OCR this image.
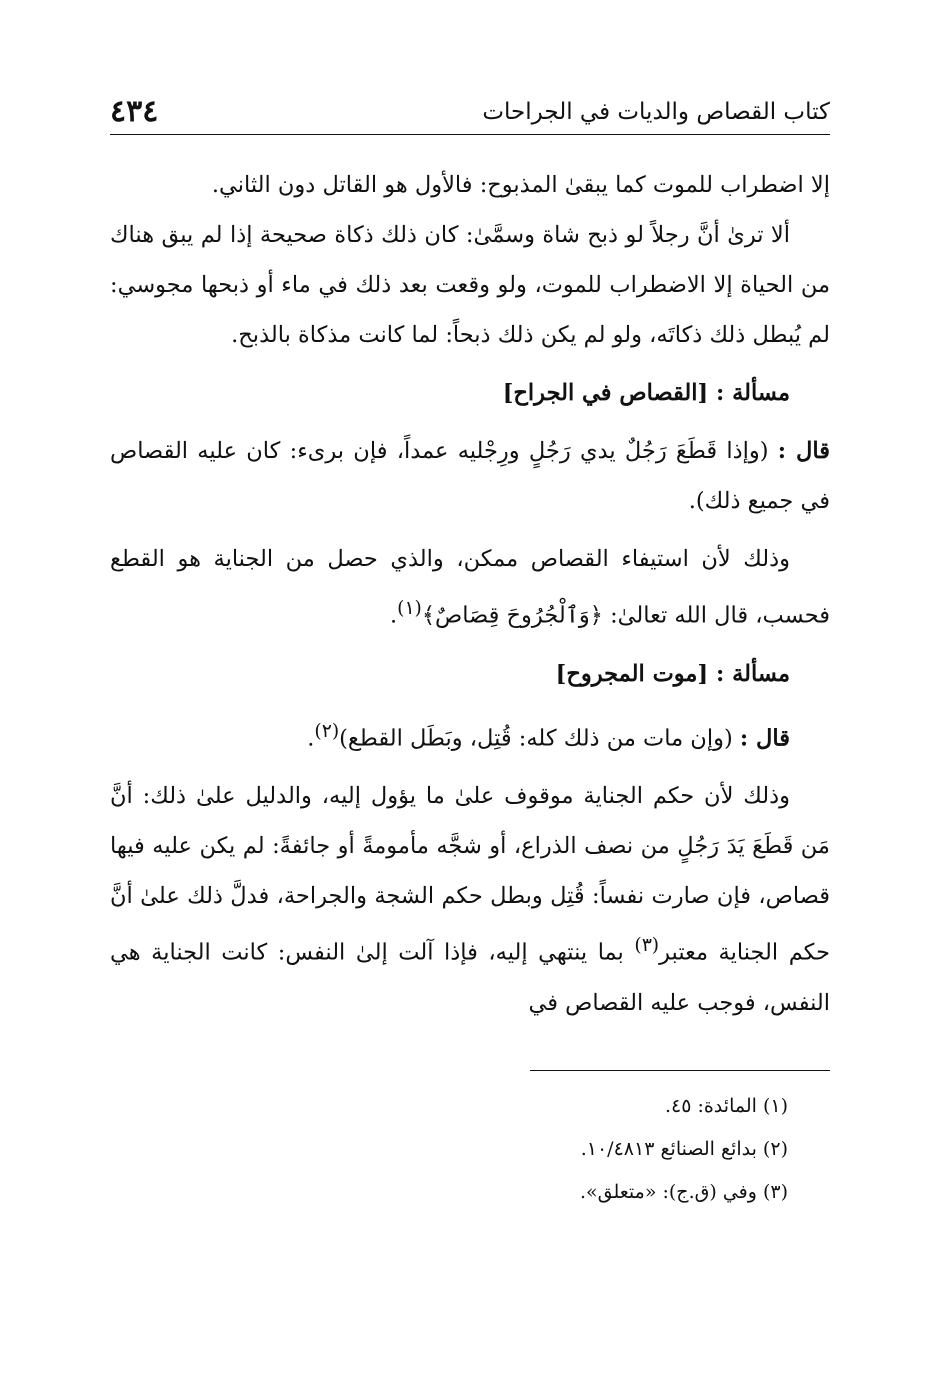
كتاب القصاص والديات في الجراحات
٤٣٤

إلا اضطراب للموت كما يبقىٰ المذبوح: فالأول هو القاتل دون الثاني.

ألا ترىٰ أنَّ رجلاً لو ذبح شاة وسمَّىٰ: كان ذلك ذكاة صحيحة إذا لم يبق هناك من الحياة إلا الاضطراب للموت، ولو وقعت بعد ذلك في ماء أو ذبحها مجوسي: لم يُبطل ذلك ذكاتَه، ولو لم يكن ذلك ذبحاً: لما كانت مذكاة بالذبح.

مسألة : [القصاص في الجراح]

قال : (وإذا قَطَعَ رَجُلٌ يدي رَجُلٍ ورِجْليه عمداً، فإن برىء: كان عليه القصاص في جميع ذلك).

وذلك لأن استيفاء القصاص ممكن، والذي حصل من الجناية هو القطع فحسب، قال الله تعالىٰ: ﴿وَٱلْجُرُوحَ قِصَاصٌ﴾$^{(١)}$.

مسألة : [موت المجروح]

قال : (وإن مات من ذلك كله: قُتِل، وبَطَل القطع)$^{(٢)}$.

وذلك لأن حكم الجناية موقوف علىٰ ما يؤول إليه، والدليل علىٰ ذلك: أنَّ مَن قَطَعَ يَدَ رَجُلٍ من نصف الذراع، أو شجَّه مأمومةً أو جائفةً: لم يكن عليه فيها قصاص، فإن صارت نفساً: قُتِل وبطل حكم الشجة والجراحة، فدلَّ ذلك علىٰ أنَّ حكم الجناية معتبر$^{(٣)}$ بما ينتهي إليه، فإذا آلت إلىٰ النفس: كانت الجناية هي النفس، فوجب عليه القصاص في

(١) المائدة: ٤٥.
(٢) بدائع الصنائع ١٠/٤٨١٣.
(٣) وفي (ق.ج): «متعلق».
